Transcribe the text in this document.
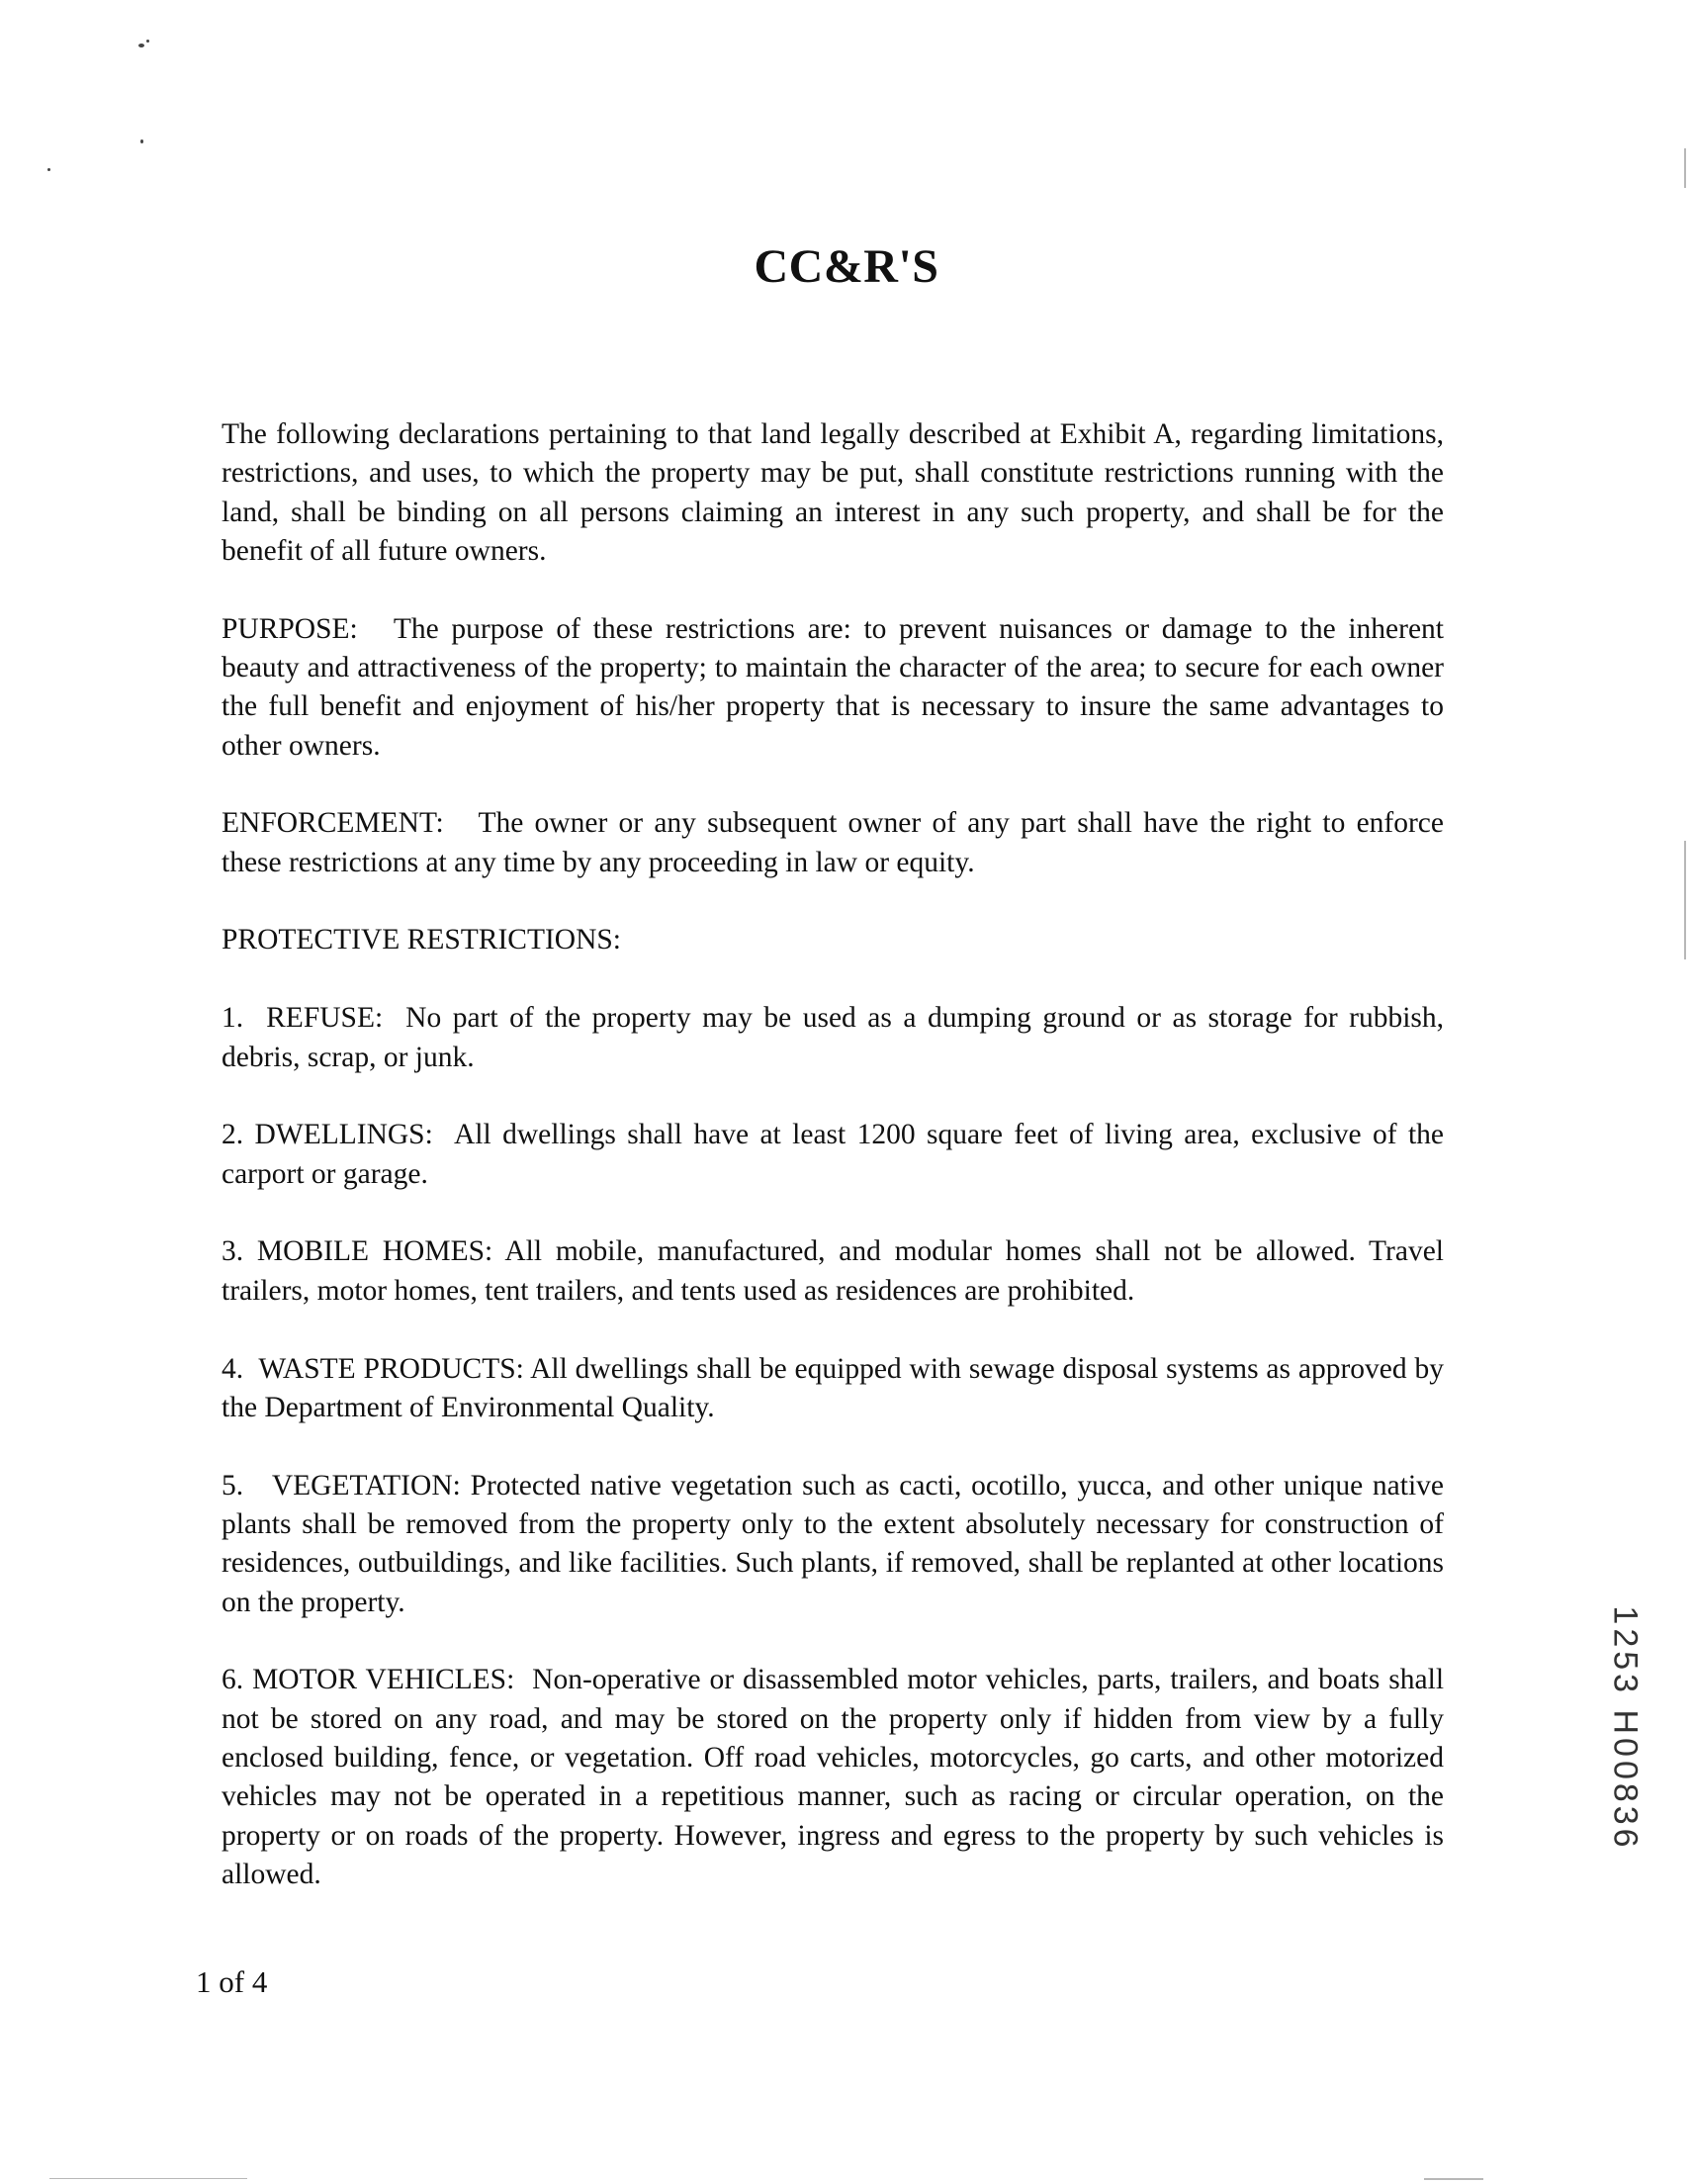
CC&R'S

The following declarations pertaining to that land legally described at Exhibit A, regarding limitations, restrictions, and uses, to which the property may be put, shall constitute restrictions running with the land, shall be binding on all persons claiming an interest in any such property, and shall be for the benefit of all future owners.

PURPOSE: The purpose of these restrictions are: to prevent nuisances or damage to the inherent beauty and attractiveness of the property; to maintain the character of the area; to secure for each owner the full benefit and enjoyment of his/her property that is necessary to insure the same advantages to other owners.

ENFORCEMENT: The owner or any subsequent owner of any part shall have the right to enforce these restrictions at any time by any proceeding in law or equity.

PROTECTIVE RESTRICTIONS:

1. REFUSE: No part of the property may be used as a dumping ground or as storage for rubbish, debris, scrap, or junk.

2. DWELLINGS: All dwellings shall have at least 1200 square feet of living area, exclusive of the carport or garage.

3. MOBILE HOMES: All mobile, manufactured, and modular homes shall not be allowed. Travel trailers, motor homes, tent trailers, and tents used as residences are prohibited.

4. WASTE PRODUCTS: All dwellings shall be equipped with sewage disposal systems as approved by the Department of Environmental Quality.

5. VEGETATION: Protected native vegetation such as cacti, ocotillo, yucca, and other unique native plants shall be removed from the property only to the extent absolutely necessary for construction of residences, outbuildings, and like facilities. Such plants, if removed, shall be replanted at other locations on the property.

6. MOTOR VEHICLES: Non-operative or disassembled motor vehicles, parts, trailers, and boats shall not be stored on any road, and may be stored on the property only if hidden from view by a fully enclosed building, fence, or vegetation. Off road vehicles, motorcycles, go carts, and other motorized vehicles may not be operated in a repetitious manner, such as racing or circular operation, on the property or on roads of the property. However, ingress and egress to the property by such vehicles is allowed.

1 of 4
1253 H00836
